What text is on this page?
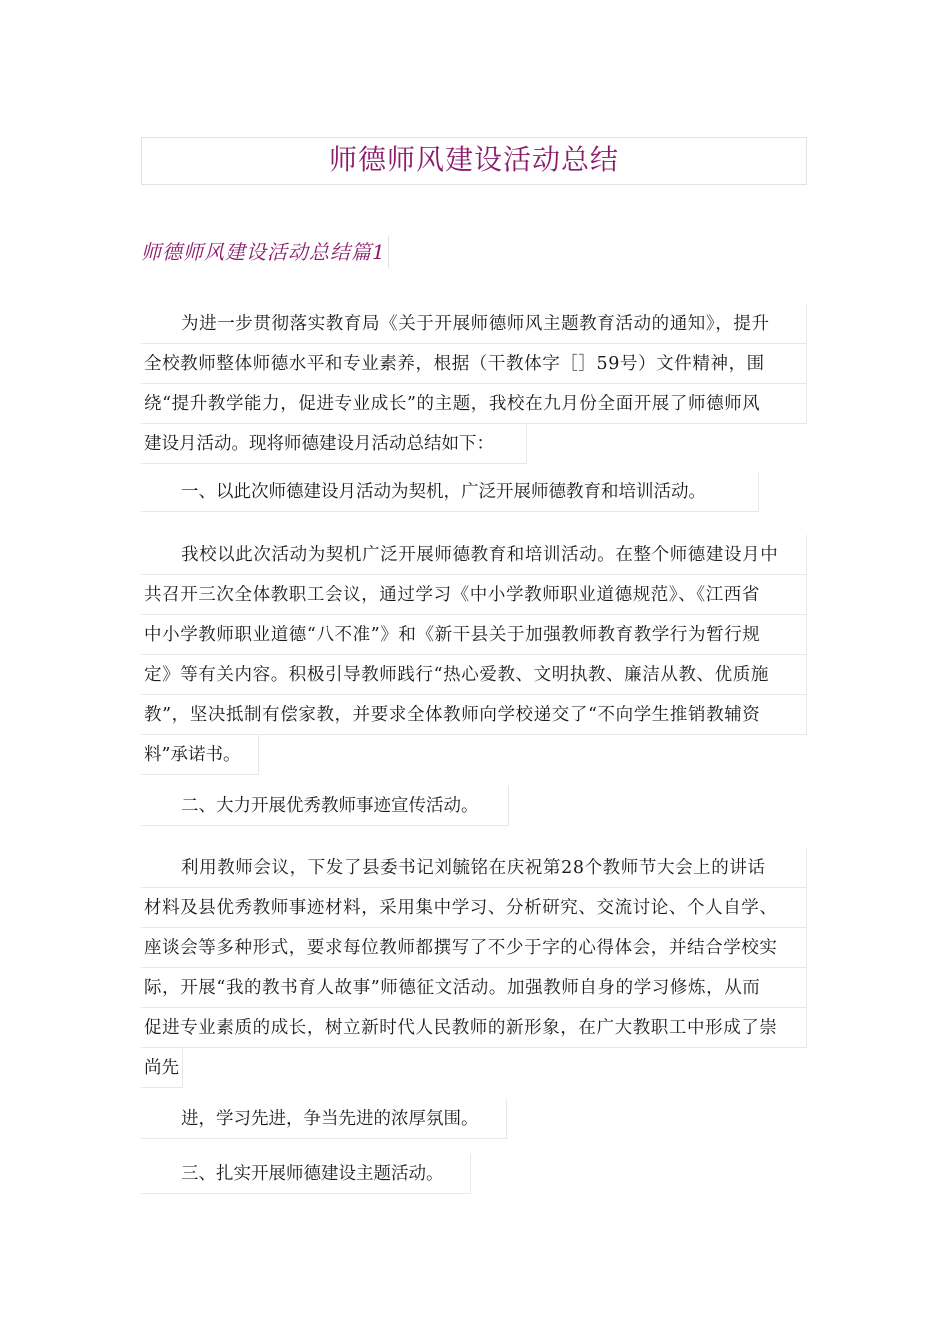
师德师风建设活动总结
师德师风建设活动总结篇1
为进一步贯彻落实教育局《关于开展师德师风主题教育活动的通知》，提升
全校教师整体师德水平和专业素养，根据（干教体字［］59号）文件精神，围
绕“提升教学能力，促进专业成长”的主题，我校在九月份全面开展了师德师风
建设月活动。现将师德建设月活动总结如下：
一、以此次师德建设月活动为契机，广泛开展师德教育和培训活动。
我校以此次活动为契机广泛开展师德教育和培训活动。在整个师德建设月中
共召开三次全体教职工会议，通过学习《中小学教师职业道德规范》、《江西省
中小学教师职业道德“八不准”》和《新干县关于加强教师教育教学行为暂行规
定》等有关内容。积极引导教师践行“热心爱教、文明执教、廉洁从教、优质施
教”，坚决抵制有偿家教，并要求全体教师向学校递交了“不向学生推销教辅资
料”承诺书。
二、大力开展优秀教师事迹宣传活动。
利用教师会议，下发了县委书记刘毓铭在庆祝第28个教师节大会上的讲话
材料及县优秀教师事迹材料，采用集中学习、分析研究、交流讨论、个人自学、
座谈会等多种形式，要求每位教师都撰写了不少于字的心得体会，并结合学校实
际，开展“我的教书育人故事”师德征文活动。加强教师自身的学习修炼，从而
促进专业素质的成长，树立新时代人民教师的新形象，在广大教职工中形成了崇
尚先
进，学习先进，争当先进的浓厚氛围。
三、扎实开展师德建设主题活动。
